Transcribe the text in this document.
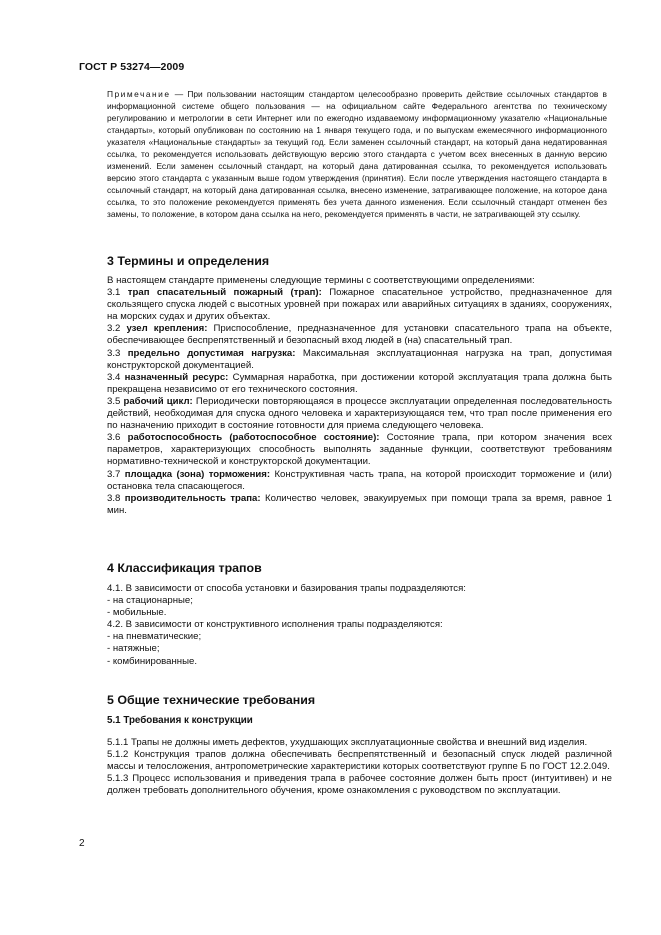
ГОСТ Р 53274—2009
Примечание — При пользовании настоящим стандартом целесообразно проверить действие ссылочных стандартов в информационной системе общего пользования — на официальном сайте Федерального агентства по техническому регулированию и метрологии в сети Интернет или по ежегодно издаваемому информационному указателю «Национальные стандарты», который опубликован по состоянию на 1 января текущего года, и по выпускам ежемесячного информационного указателя «Национальные стандарты» за текущий год. Если заменен ссылочный стандарт, на который дана недатированная ссылка, то рекомендуется использовать действующую версию этого стандарта с учетом всех внесенных в данную версию изменений. Если заменен ссылочный стандарт, на который дана датированная ссылка, то рекомендуется использовать версию этого стандарта с указанным выше годом утверждения (принятия). Если после утверждения настоящего стандарта в ссылочный стандарт, на который дана датированная ссылка, внесено изменение, затрагивающее положение, на которое дана ссылка, то это положение рекомендуется применять без учета данного изменения. Если ссылочный стандарт отменен без замены, то положение, в котором дана ссылка на него, рекомендуется применять в части, не затрагивающей эту ссылку.
3 Термины и определения

В настоящем стандарте применены следующие термины с соответствующими определениями:

3.1 трап спасательный пожарный (трап): Пожарное спасательное устройство, предназначенное для скользящего спуска людей с высотных уровней при пожарах или аварийных ситуациях в зданиях, сооружениях, на морских судах и других объектах.

3.2 узел крепления: Приспособление, предназначенное для установки спасательного трапа на объекте, обеспечивающее беспрепятственный и безопасный вход людей в (на) спасательный трап.

3.3 предельно допустимая нагрузка: Максимальная эксплуатационная нагрузка на трап, допустимая конструкторской документацией.

3.4 назначенный ресурс: Суммарная наработка, при достижении которой эксплуатация трапа должна быть прекращена независимо от его технического состояния.

3.5 рабочий цикл: Периодически повторяющаяся в процессе эксплуатации определенная последовательность действий, необходимая для спуска одного человека и характеризующаяся тем, что трап после применения его по назначению приходит в состояние готовности для приема следующего человека.

3.6 работоспособность (работоспособное состояние): Состояние трапа, при котором значения всех параметров, характеризующих способность выполнять заданные функции, соответствуют требованиям нормативно-технической и конструкторской документации.

3.7 площадка (зона) торможения: Конструктивная часть трапа, на которой происходит торможение и (или) остановка тела спасающегося.

3.8 производительность трапа: Количество человек, эвакуируемых при помощи трапа за время, равное 1 мин.

4 Классификация трапов

4.1. В зависимости от способа установки и базирования трапы подразделяются:

- на стационарные;

- мобильные.

4.2. В зависимости от конструктивного исполнения трапы подразделяются:

- на пневматические;

- натяжные;

- комбинированные.

5 Общие технические требования
5.1 Требования к конструкции

5.1.1 Трапы не должны иметь дефектов, ухудшающих эксплуатационные свойства и внешний вид изделия.

5.1.2 Конструкция трапов должна обеспечивать беспрепятственный и безопасный спуск людей различной массы и телосложения, антропометрические характеристики которых соответствуют группе Б по ГОСТ 12.2.049.

5.1.3 Процесс использования и приведения трапа в рабочее состояние должен быть прост (интуитивен) и не должен требовать дополнительного обучения, кроме ознакомления с руководством по эксплуатации.

2
